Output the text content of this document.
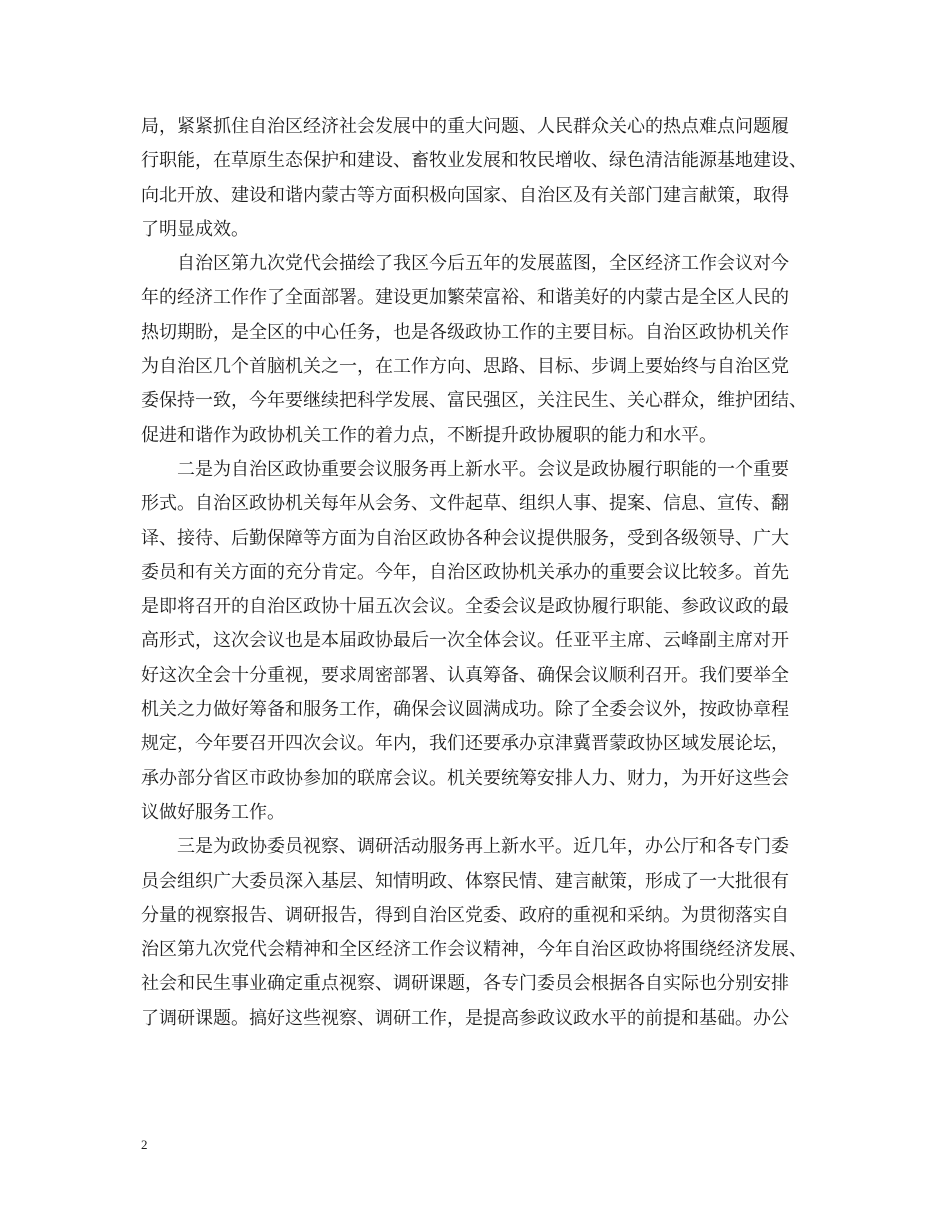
局，紧紧抓住自治区经济社会发展中的重大问题、人民群众关心的热点难点问题履
行职能，在草原生态保护和建设、畜牧业发展和牧民增收、绿色清洁能源基地建设、
向北开放、建设和谐内蒙古等方面积极向国家、自治区及有关部门建言献策，取得
了明显成效。
自治区第九次党代会描绘了我区今后五年的发展蓝图，全区经济工作会议对今
年的经济工作作了全面部署。建设更加繁荣富裕、和谐美好的内蒙古是全区人民的
热切期盼，是全区的中心任务，也是各级政协工作的主要目标。自治区政协机关作
为自治区几个首脑机关之一，在工作方向、思路、目标、步调上要始终与自治区党
委保持一致，今年要继续把科学发展、富民强区，关注民生、关心群众，维护团结、
促进和谐作为政协机关工作的着力点，不断提升政协履职的能力和水平。
二是为自治区政协重要会议服务再上新水平。会议是政协履行职能的一个重要
形式。自治区政协机关每年从会务、文件起草、组织人事、提案、信息、宣传、翻
译、接待、后勤保障等方面为自治区政协各种会议提供服务，受到各级领导、广大
委员和有关方面的充分肯定。今年，自治区政协机关承办的重要会议比较多。首先
是即将召开的自治区政协十届五次会议。全委会议是政协履行职能、参政议政的最
高形式，这次会议也是本届政协最后一次全体会议。任亚平主席、云峰副主席对开
好这次全会十分重视，要求周密部署、认真筹备、确保会议顺利召开。我们要举全
机关之力做好筹备和服务工作，确保会议圆满成功。除了全委会议外，按政协章程
规定，今年要召开四次会议。年内，我们还要承办京津冀晋蒙政协区域发展论坛，
承办部分省区市政协参加的联席会议。机关要统筹安排人力、财力，为开好这些会
议做好服务工作。
三是为政协委员视察、调研活动服务再上新水平。近几年，办公厅和各专门委
员会组织广大委员深入基层、知情明政、体察民情、建言献策，形成了一大批很有
分量的视察报告、调研报告，得到自治区党委、政府的重视和采纳。为贯彻落实自
治区第九次党代会精神和全区经济工作会议精神，今年自治区政协将围绕经济发展、
社会和民生事业确定重点视察、调研课题，各专门委员会根据各自实际也分别安排
了调研课题。搞好这些视察、调研工作，是提高参政议政水平的前提和基础。办公
2
